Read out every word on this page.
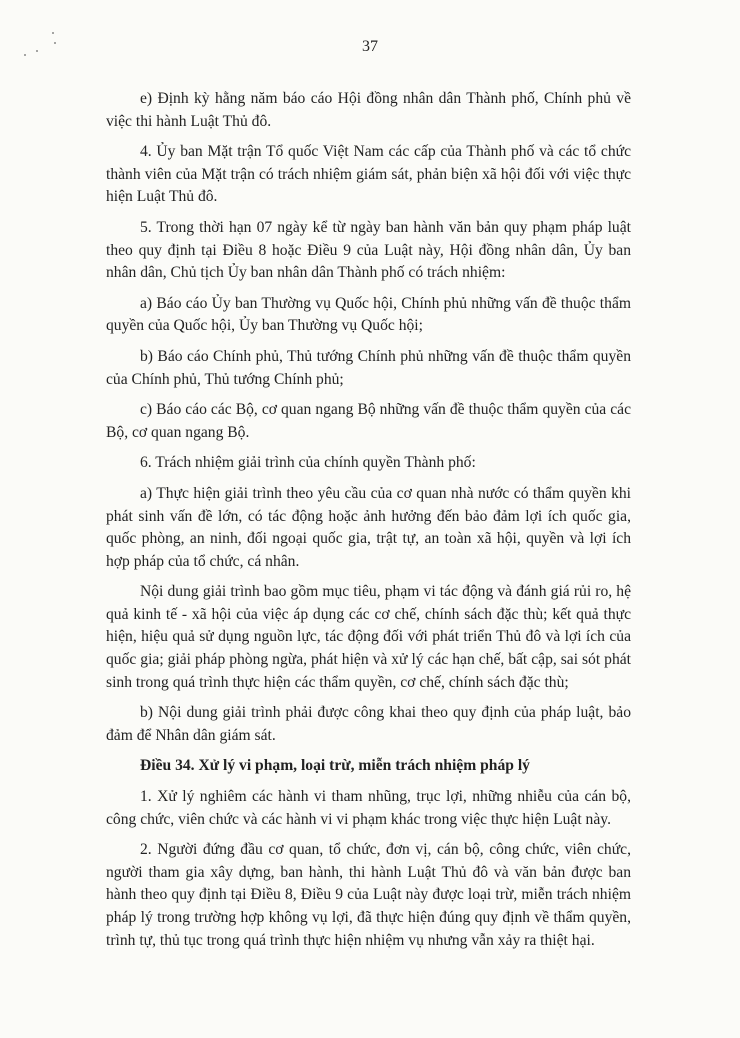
37

e) Định kỳ hằng năm báo cáo Hội đồng nhân dân Thành phố, Chính phủ về việc thi hành Luật Thủ đô.

4. Ủy ban Mặt trận Tổ quốc Việt Nam các cấp của Thành phố và các tổ chức thành viên của Mặt trận có trách nhiệm giám sát, phản biện xã hội đối với việc thực hiện Luật Thủ đô.

5. Trong thời hạn 07 ngày kể từ ngày ban hành văn bản quy phạm pháp luật theo quy định tại Điều 8 hoặc Điều 9 của Luật này, Hội đồng nhân dân, Ủy ban nhân dân, Chủ tịch Ủy ban nhân dân Thành phố có trách nhiệm:

a) Báo cáo Ủy ban Thường vụ Quốc hội, Chính phủ những vấn đề thuộc thẩm quyền của Quốc hội, Ủy ban Thường vụ Quốc hội;

b) Báo cáo Chính phủ, Thủ tướng Chính phủ những vấn đề thuộc thẩm quyền của Chính phủ, Thủ tướng Chính phủ;

c) Báo cáo các Bộ, cơ quan ngang Bộ những vấn đề thuộc thẩm quyền của các Bộ, cơ quan ngang Bộ.

6. Trách nhiệm giải trình của chính quyền Thành phố:

a) Thực hiện giải trình theo yêu cầu của cơ quan nhà nước có thẩm quyền khi phát sinh vấn đề lớn, có tác động hoặc ảnh hưởng đến bảo đảm lợi ích quốc gia, quốc phòng, an ninh, đối ngoại quốc gia, trật tự, an toàn xã hội, quyền và lợi ích hợp pháp của tổ chức, cá nhân.

Nội dung giải trình bao gồm mục tiêu, phạm vi tác động và đánh giá rủi ro, hệ quả kinh tế - xã hội của việc áp dụng các cơ chế, chính sách đặc thù; kết quả thực hiện, hiệu quả sử dụng nguồn lực, tác động đối với phát triển Thủ đô và lợi ích của quốc gia; giải pháp phòng ngừa, phát hiện và xử lý các hạn chế, bất cập, sai sót phát sinh trong quá trình thực hiện các thẩm quyền, cơ chế, chính sách đặc thù;

b) Nội dung giải trình phải được công khai theo quy định của pháp luật, bảo đảm để Nhân dân giám sát.

Điều 34. Xử lý vi phạm, loại trừ, miễn trách nhiệm pháp lý

1. Xử lý nghiêm các hành vi tham nhũng, trục lợi, những nhiễu của cán bộ, công chức, viên chức và các hành vi vi phạm khác trong việc thực hiện Luật này.

2. Người đứng đầu cơ quan, tổ chức, đơn vị, cán bộ, công chức, viên chức, người tham gia xây dựng, ban hành, thi hành Luật Thủ đô và văn bản được ban hành theo quy định tại Điều 8, Điều 9 của Luật này được loại trừ, miễn trách nhiệm pháp lý trong trường hợp không vụ lợi, đã thực hiện đúng quy định về thẩm quyền, trình tự, thủ tục trong quá trình thực hiện nhiệm vụ nhưng vẫn xảy ra thiệt hại.
